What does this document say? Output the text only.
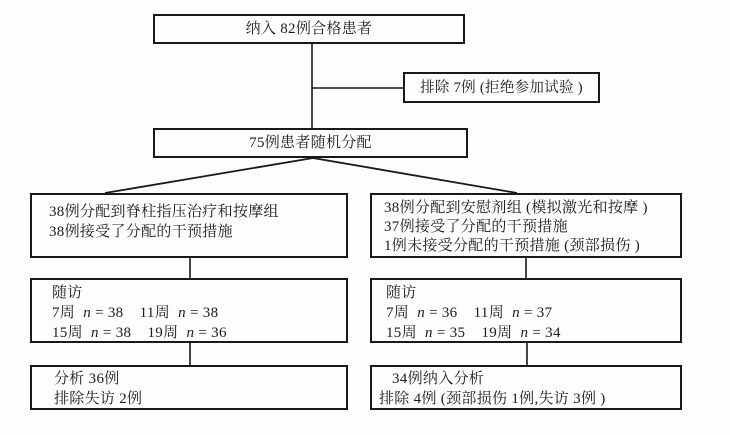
纳入 82例合格患者
排除 7例 (拒绝参加试验 )
75例患者随机分配
38例分配到脊柱指压治疗和按摩组
38例接受了分配的干预措施
38例分配到安慰剂组 (模拟激光和按摩 )
37例接受了分配的干预措施
1例未接受分配的干预措施 (颈部损伤 )
随访
7周  n = 38    11周  n = 38
15周  n = 38    19周  n = 36
随访
7周  n = 36    11周  n = 37
15周  n = 35    19周  n = 34
分析 36例
排除失访 2例
34例纳入分析
排除 4例 (颈部损伤 1例,失访 3例 )
